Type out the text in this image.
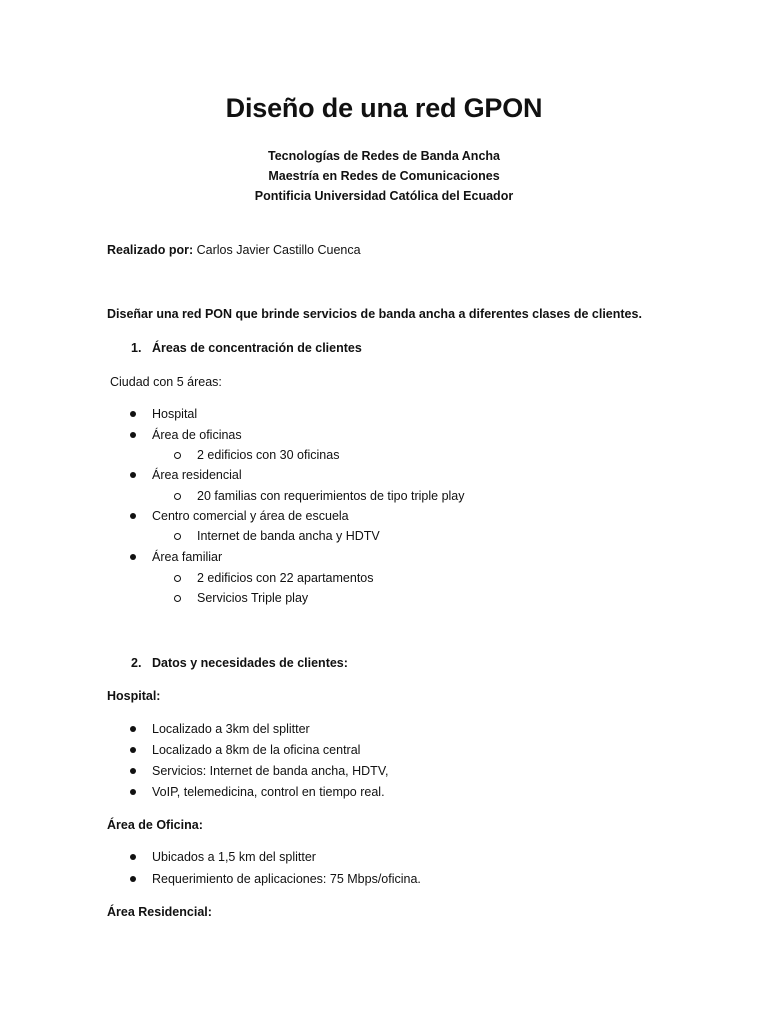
Diseño de una red GPON
Tecnologías de Redes de Banda Ancha
Maestría en Redes de Comunicaciones
Pontificia Universidad Católica del Ecuador
Realizado por: Carlos Javier Castillo Cuenca
Diseñar una red PON que brinde servicios de banda ancha a diferentes clases de clientes.
1. Áreas de concentración de clientes
Ciudad con 5 áreas:
Hospital
Área de oficinas
2 edificios con 30 oficinas
Área residencial
20 familias con requerimientos de tipo triple play
Centro comercial y área de escuela
Internet de banda ancha y HDTV
Área familiar
2 edificios con 22 apartamentos
Servicios Triple play
2. Datos y necesidades de clientes:
Hospital:
Localizado a 3km del splitter
Localizado a 8km de la oficina central
Servicios: Internet de banda ancha, HDTV,
VoIP, telemedicina, control en tiempo real.
Área de Oficina:
Ubicados a 1,5 km del splitter
Requerimiento de aplicaciones: 75 Mbps/oficina.
Área Residencial:
